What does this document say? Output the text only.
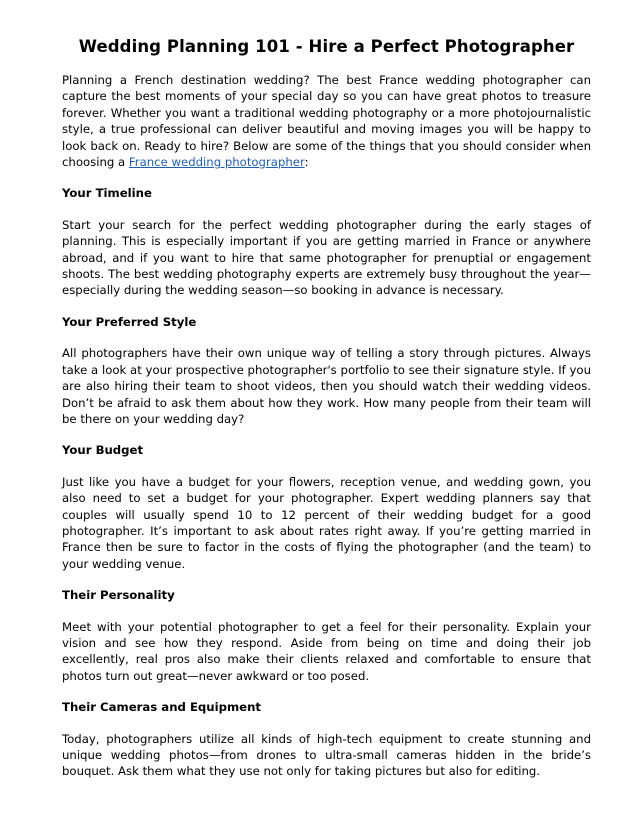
Wedding Planning 101 - Hire a Perfect Photographer

Planning a French destination wedding? The best France wedding photographer can capture the best moments of your special day so you can have great photos to treasure forever. Whether you want a traditional wedding photography or a more photojournalistic style, a true professional can deliver beautiful and moving images you will be happy to look back on. Ready to hire? Below are some of the things that you should consider when choosing a France wedding photographer:

Your Timeline

Start your search for the perfect wedding photographer during the early stages of planning. This is especially important if you are getting married in France or anywhere abroad, and if you want to hire that same photographer for prenuptial or engagement shoots. The best wedding photography experts are extremely busy throughout the year—especially during the wedding season—so booking in advance is necessary.

Your Preferred Style

All photographers have their own unique way of telling a story through pictures. Always take a look at your prospective photographer's portfolio to see their signature style. If you are also hiring their team to shoot videos, then you should watch their wedding videos. Don’t be afraid to ask them about how they work. How many people from their team will be there on your wedding day?

Your Budget

Just like you have a budget for your flowers, reception venue, and wedding gown, you also need to set a budget for your photographer. Expert wedding planners say that couples will usually spend 10 to 12 percent of their wedding budget for a good photographer. It’s important to ask about rates right away. If you’re getting married in France then be sure to factor in the costs of flying the photographer (and the team) to your wedding venue.

Their Personality

Meet with your potential photographer to get a feel for their personality. Explain your vision and see how they respond. Aside from being on time and doing their job excellently, real pros also make their clients relaxed and comfortable to ensure that photos turn out great—never awkward or too posed.

Their Cameras and Equipment

Today, photographers utilize all kinds of high-tech equipment to create stunning and unique wedding photos—from drones to ultra-small cameras hidden in the bride’s bouquet. Ask them what they use not only for taking pictures but also for editing.
